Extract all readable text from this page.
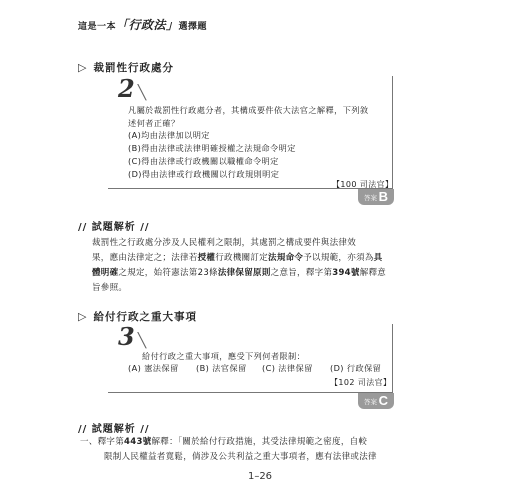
這是一本「行政法」選擇題
▷ 裁罰性行政處分
2 ╲
凡屬於裁罰性行政處分者，其構成要件依大法官之解釋，下列敘
述何者正確？
(A)均由法律加以明定
(B)得由法律或法律明確授權之法規命令明定
(C)得由法律或行政機關以職權命令明定
(D)得由法律或行政機關以行政規則明定
【100 司法官】
答案 B
// 試題解析 //
裁罰性之行政處分涉及人民權利之限制，其處罰之構成要件與法律效
果，應由法律定之；法律若授權行政機關訂定法規命令予以規範，亦須為具
體明確之規定，始符憲法第23條法律保留原則之意旨，釋字第394號解釋意
旨參照。
▷ 給付行政之重大事項
3 ╲
給付行政之重大事項，應受下列何者限制：
(A) 憲法保留 (B) 法官保留 (C) 法律保留 (D) 行政保留
【102 司法官】
答案 C
// 試題解析 //
一、釋字第443號解釋：「關於給付行政措施，其受法律規範之密度，自較
限制人民權益者寬鬆，倘涉及公共利益之重大事項者，應有法律或法律
1–26
